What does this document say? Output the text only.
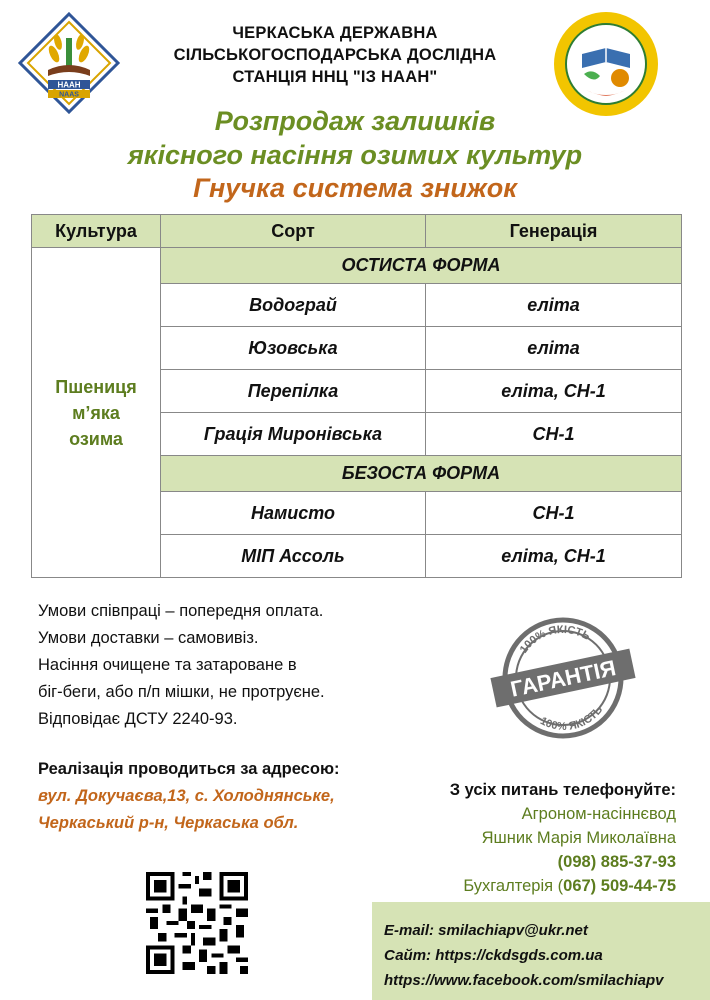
НААН
NAAS
ЧЕРКАСЬКА ДЕРЖАВНА
СІЛЬСЬКОГОСПОДАРСЬКА ДОСЛІДНА
СТАНЦІЯ ННЦ "ІЗ НААН"
Розпродаж залишків
якісного насіння озимих культур
Гнучка система знижок
Культура	Сорт	Генерація

Пшениця
м’яка
озима	ОСТИСТА ФОРМА	
	Водограй	еліта
	Юзовська	еліта
	Перепілка	еліта, СН-1
	Грація Миронівська	СН-1
	БЕЗОСТА ФОРМА	
	Намисто	СН-1
	МІП Ассоль	еліта, СН-1
Умови співпраці – попередня оплата.
Умови доставки – самовивіз.
Насіння очищене та затароване в
біг-беги, або п/п мішки, не протруєне.
Відповідає ДСТУ 2240-93.
100% ЯКІСТЬ
100% ЯКІСТЬ
ГАРАНТІЯ
Реалізація проводиться за адресою:
вул. Докучаєва,13, с. Холоднянське,
Черкаський р-н, Черкаська обл.
З усіх питань телефонуйте:
Агроном-насіннєвод
Яшник Марія Миколаївна
(098) 885-37-93
Бухгалтерія (067) 509-44-75
E-mail: smilachiapv@ukr.net
Сайт: https://ckdsgds.com.ua
https://www.facebook.com/smilachiapv
